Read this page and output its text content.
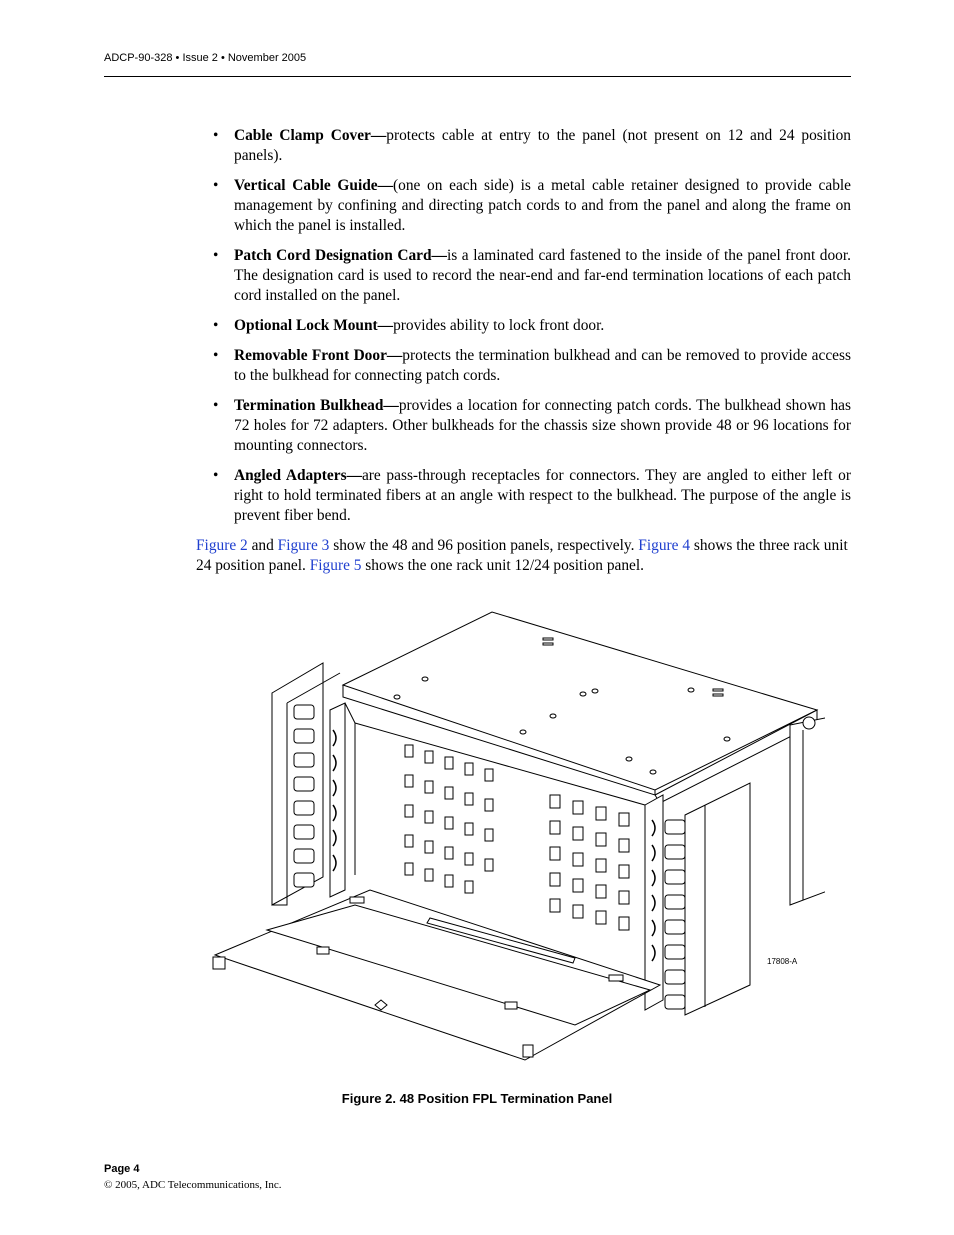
ADCP-90-328 • Issue 2 • November 2005
• Cable Clamp Cover—protects cable at entry to the panel (not present on 12 and 24 position panels).
• Vertical Cable Guide—(one on each side) is a metal cable retainer designed to provide cable management by confining and directing patch cords to and from the panel and along the frame on which the panel is installed.
• Patch Cord Designation Card—is a laminated card fastened to the inside of the panel front door. The designation card is used to record the near-end and far-end termination locations of each patch cord installed on the panel.
• Optional Lock Mount—provides ability to lock front door.
• Removable Front Door—protects the termination bulkhead and can be removed to provide access to the bulkhead for connecting patch cords.
• Termination Bulkhead—provides a location for connecting patch cords. The bulkhead shown has 72 holes for 72 adapters. Other bulkheads for the chassis size shown provide 48 or 96 locations for mounting connectors.
• Angled Adapters—are pass-through receptacles for connectors. They are angled to either left or right to hold terminated fibers at an angle with respect to the bulkhead. The purpose of the angle is prevent fiber bend.
Figure 2 and Figure 3 show the 48 and 96 position panels, respectively. Figure 4 shows the three rack unit 24 position panel. Figure 5 shows the one rack unit 12/24 position panel.
17808-A
Figure 2. 48 Position FPL Termination Panel
Page 4
© 2005, ADC Telecommunications, Inc.
